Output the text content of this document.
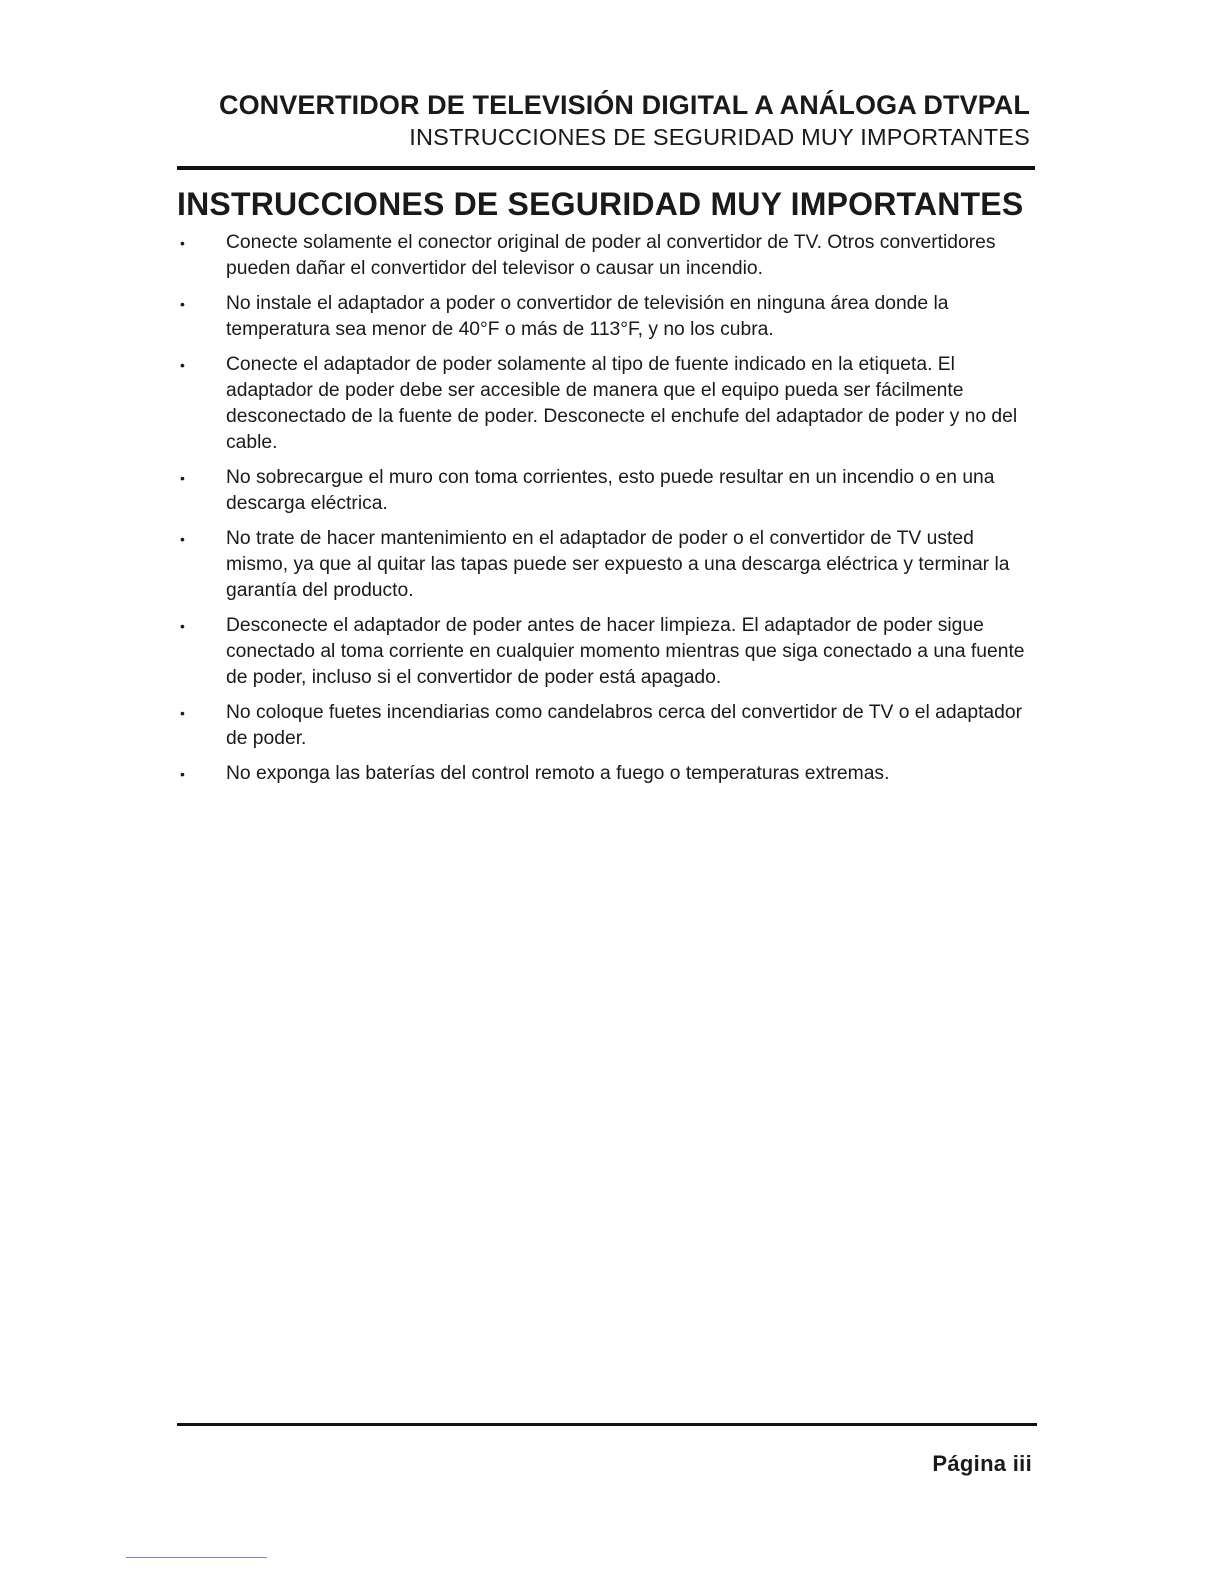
CONVERTIDOR DE TELEVISIÓN DIGITAL A ANÁLOGA DTVPAL
INSTRUCCIONES DE SEGURIDAD MUY IMPORTANTES
INSTRUCCIONES DE SEGURIDAD MUY IMPORTANTES
• Conecte solamente el conector original de poder al convertidor de TV. Otros convertidores pueden dañar el convertidor del televisor o causar un incendio.
• No instale el adaptador a poder o convertidor de televisión en ninguna área donde la temperatura sea menor de 40°F o más de 113°F, y no los cubra.
• Conecte el adaptador de poder solamente al tipo de fuente indicado en la etiqueta. El adaptador de poder debe ser accesible de manera que el equipo pueda ser fácilmente desconectado de la fuente de poder. Desconecte el enchufe del adaptador de poder y no del cable.
• No sobrecargue el muro con toma corrientes, esto puede resultar en un incendio o en una descarga eléctrica.
• No trate de hacer mantenimiento en el adaptador de poder o el convertidor de TV usted mismo, ya que al quitar las tapas puede ser expuesto a una descarga eléctrica y terminar la garantía del producto.
• Desconecte el adaptador de poder antes de hacer limpieza. El adaptador de poder sigue conectado al toma corriente en cualquier momento mientras que siga conectado a una fuente de poder, incluso si el convertidor de poder está apagado.
• No coloque fuetes incendiarias como candelabros cerca del convertidor de TV o el adaptador de poder.
• No exponga las baterías del control remoto a fuego o temperaturas extremas.
Página iii
